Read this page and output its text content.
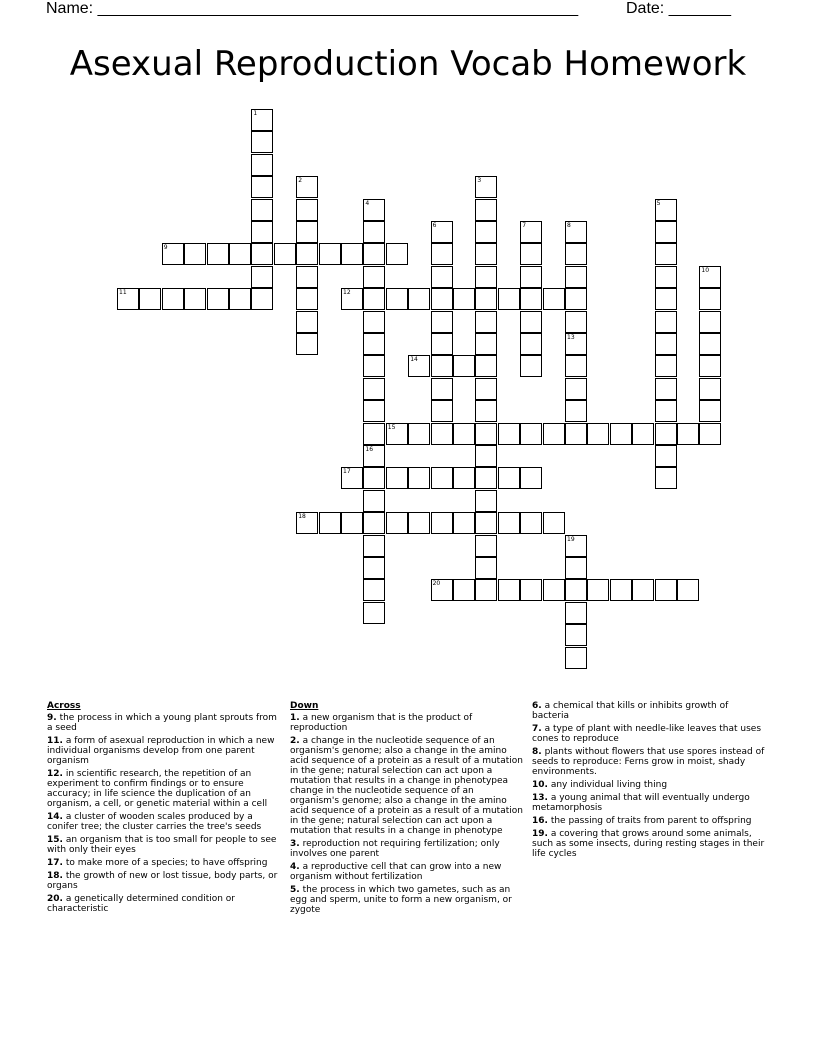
Name: ______________________________________________________	Date: _______
Asexual Reproduction Vocab Homework
1
2	3
4
16
5
6	7	8
13
9
10
11	12
14
15
17
18
19
20
Across
9. the process in which a young plant sprouts from a seed
11. a form of asexual reproduction in which a new individual organisms develop from one parent organism
12. in scientific research, the repetition of an experiment to confirm findings or to ensure accuracy; in life science the duplication of an organism, a cell, or genetic material within a cell
14. a cluster of wooden scales produced by a conifer tree; the cluster carries the tree's seeds
15. an organism that is too small for people to see with only their eyes
17. to make more of a species; to have offspring
18. the growth of new or lost tissue, body parts, or organs
20. a genetically determined condition or characteristic
Down
1. a new organism that is the product of reproduction
2. a change in the nucleotide sequence of an organism's genome; also a change in the amino acid sequence of a protein as a result of a mutation in the gene; natural selection can act upon a mutation that results in a change in phenotypea change in the nucleotide sequence of an organism's genome; also a change in the amino acid sequence of a protein as a result of a mutation in the gene; natural selection can act upon a mutation that results in a change in phenotype
3. reproduction not requiring fertilization; only involves one parent
4. a reproductive cell that can grow into a new organism without fertilization
5. the process in which two gametes, such as an egg and sperm, unite to form a new organism, or zygote
6. a chemical that kills or inhibits growth of bacteria
7. a type of plant with needle-like leaves that uses cones to reproduce
8. plants without flowers that use spores instead of seeds to reproduce: Ferns grow in moist, shady environments.
10. any individual living thing
13. a young animal that will eventually undergo metamorphosis
16. the passing of traits from parent to offspring
19. a covering that grows around some animals, such as some insects, during resting stages in their life cycles
